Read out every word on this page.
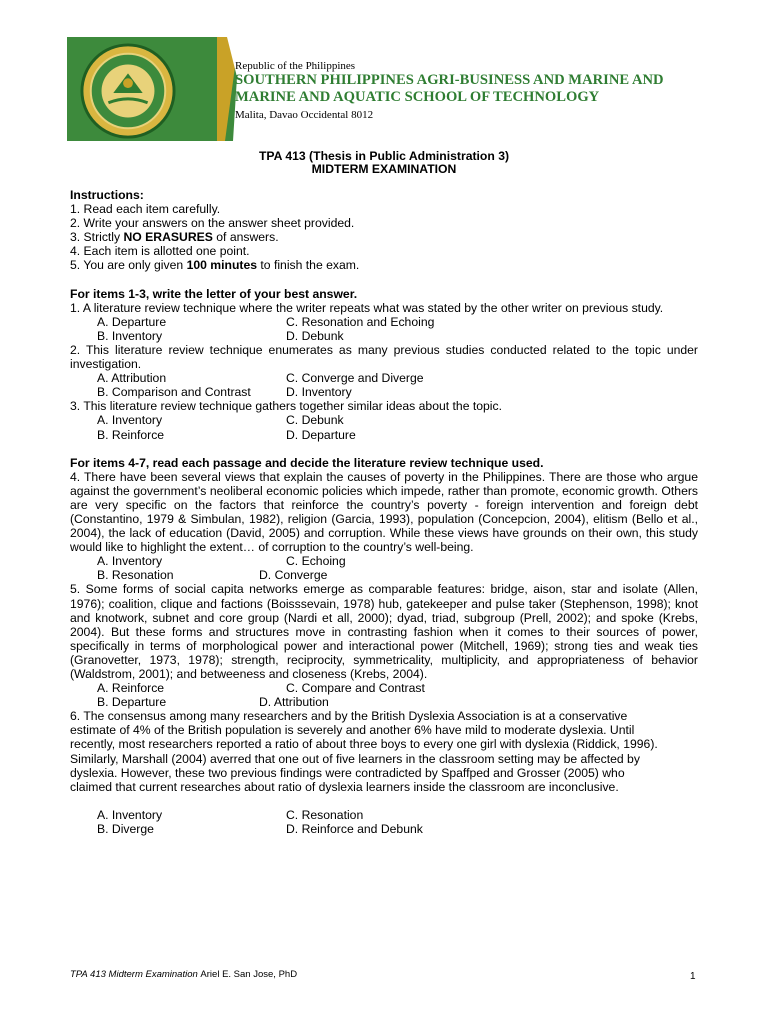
Republic of the Philippines
SOUTHERN PHILIPPINES AGRI-BUSINESS AND MARINE AND
MARINE AND AQUATIC SCHOOL OF TECHNOLOGY
Malita, Davao Occidental 8012
TPA 413 (Thesis in Public Administration 3)
MIDTERM EXAMINATION
Instructions:
1. Read each item carefully.
2. Write your answers on the answer sheet provided.
3. Strictly NO ERASURES of answers.
4. Each item is allotted one point.
5. You are only given 100 minutes to finish the exam.
For items 1-3, write the letter of your best answer.
1. A literature review technique where the writer repeats what was stated by the other writer on previous study.
A. Departure	C. Resonation and Echoing
B. Inventory	D. Debunk
2. This literature review technique enumerates as many previous studies conducted related to the topic under investigation.
A. Attribution	C. Converge and Diverge
B. Comparison and Contrast	D. Inventory
3. This literature review technique gathers together similar ideas about the topic.
A. Inventory	C. Debunk
B. Reinforce	D. Departure
For items 4-7, read each passage and decide the literature review technique used.
4. There have been several views that explain the causes of poverty in the Philippines. There are those who argue against the government’s neoliberal economic policies which impede, rather than promote, economic growth. Others are very specific on the factors that reinforce the country’s poverty - foreign intervention and foreign debt (Constantino, 1979 & Simbulan, 1982), religion (Garcia, 1993), population (Concepcion, 2004), elitism (Bello et al., 2004), the lack of education (David, 2005) and corruption. While these views have grounds on their own, this study would like to highlight the extent… of corruption to the country’s well-being.
A. Inventory	C. Echoing
B. Resonation	D. Converge
5. Some forms of social capita networks emerge as comparable features: bridge, aison, star and isolate (Allen, 1976); coalition, clique and factions (Boisssevain, 1978) hub, gatekeeper and pulse taker (Stephenson, 1998); knot and knotwork, subnet and core group (Nardi et all, 2000); dyad, triad, subgroup (Prell, 2002); and spoke (Krebs, 2004). But these forms and structures move in contrasting fashion when it comes to their sources of power, specifically in terms of morphological power and interactional power (Mitchell, 1969); strong ties and weak ties (Granovetter, 1973, 1978); strength, reciprocity, symmetricality, multiplicity, and appropriateness of behavior (Waldstrom, 2001); and betweeness and closeness (Krebs, 2004).
A. Reinforce	C. Compare and Contrast
B. Departure	D. Attribution
6. The consensus among many researchers and by the British Dyslexia Association is at a conservative
estimate of 4% of the British population is severely and another 6% have mild to moderate dyslexia. Until
recently, most researchers reported a ratio of about three boys to every one girl with dyslexia (Riddick, 1996).
Similarly, Marshall (2004) averred that one out of five learners in the classroom setting may be affected by
dyslexia. However, these two previous findings were contradicted by Spaffped and Grosser (2005) who
claimed that current researches about ratio of dyslexia learners inside the classroom are inconclusive.
A. Inventory	C. Resonation
B. Diverge	D. Reinforce and Debunk
TPA 413 Midterm Examination Ariel E. San Jose, PhD	1
